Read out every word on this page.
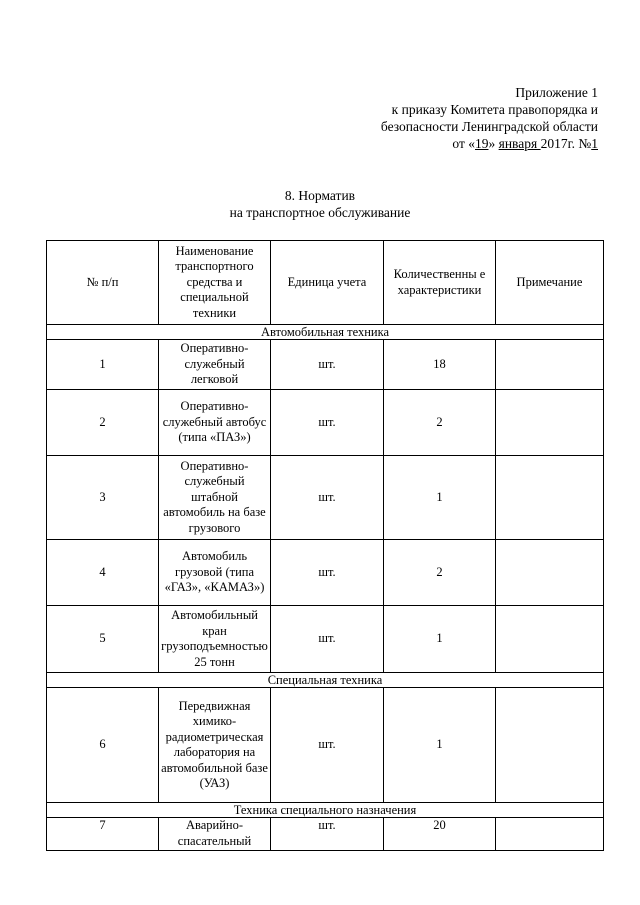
Приложение 1
к приказу Комитета правопорядка и
безопасности Ленинградской области
от «19» января 2017г. №1
8. Норматив
на транспортное обслуживание
№ п/п	Наименование транспортного средства и специальной техники	Единица учета	Количественны е характеристики	Примечание
Автомобильная техника				
1	Оперативно-служебный легковой	шт.	18	
2	Оперативно-служебный автобус (типа «ПАЗ»)	шт.	2	
3	Оперативно-служебный штабной автомобиль на базе грузового	шт.	1	
4	Автомобиль грузовой (типа «ГАЗ», «КАМАЗ»)	шт.	2	
5	Автомобильный кран грузоподъемностью 25 тонн	шт.	1	
Специальная техника				
6	Передвижная химико-радиометрическая лаборатория на автомобильной базе (УАЗ)	шт.	1	
Техника специального назначения				
7	Аварийно-спасательный	шт.	20	
